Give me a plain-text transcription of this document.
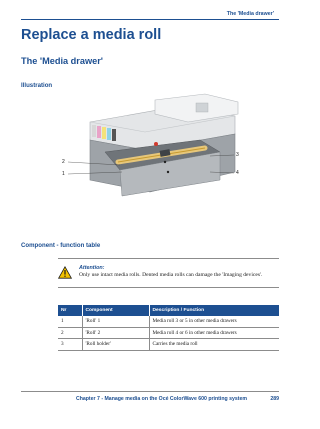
The 'Media drawer'
Replace a media roll
The 'Media drawer'
Illustration
2
1
3
4
Component - function table

Attention:

Only use intact media rolls. Dented media rolls can damage the 'Imaging devices'.

Nr	Component	Description / Function
1	'Roll' 1	Media roll 3 or 5 in other media drawers
2	'Roll' 2	Media roll 4 or 6 in other media drawers
3	'Roll holder'	Carries the media roll
Chapter 7 - Manage media on the Océ ColorWave 600 printing system	289
